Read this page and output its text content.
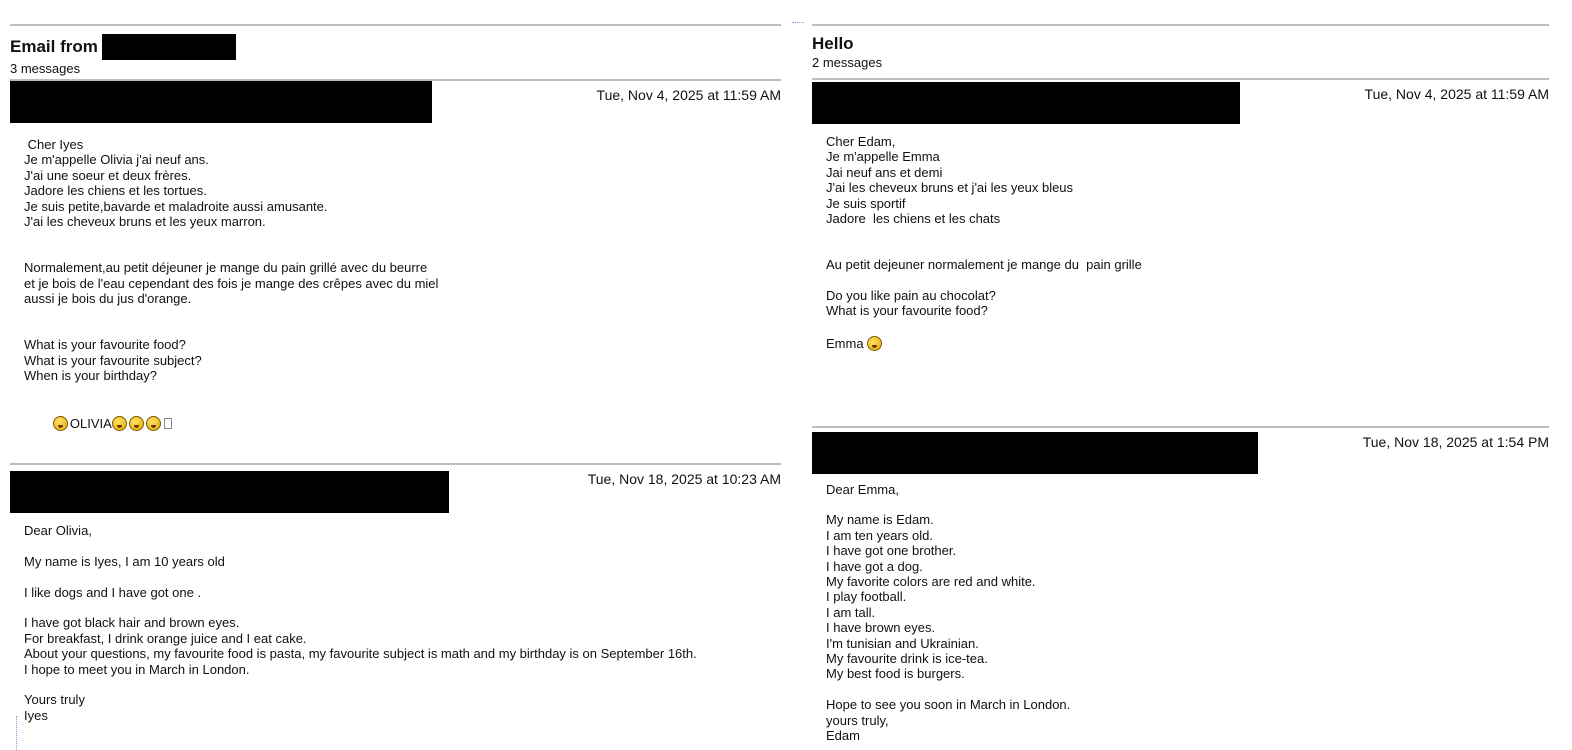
Email from
3 messages
Tue, Nov 4, 2025 at 11:59 AM
Cher Iyes
Je m'appelle Olivia j'ai neuf ans.
J'ai une soeur et deux frères.
Jadore les chiens et les tortues.
Je suis petite,bavarde et maladroite aussi amusante.
J'ai les cheveux bruns et les yeux marron.
Normalement,au petit déjeuner je mange du pain grillé avec du beurre
et je bois de l'eau cependant des fois je mange des crêpes avec du miel
aussi je bois du jus d'orange.
What is your favourite food?
What is your favourite subject?
When is your birthday?

OLIVIA

Tue, Nov 18, 2025 at 10:23 AM
Dear Olivia,
My name is Iyes, I am 10 years old
I like dogs and I have got one .
I have got black hair and brown eyes.
For breakfast, I drink orange juice and I eat cake.
About your questions, my favourite food is pasta, my favourite subject is math and my birthday is on September 16th.
I hope to meet you in March in London.
Yours truly
Iyes
Hello
2 messages
Tue, Nov 4, 2025 at 11:59 AM
Cher Edam,
Je m'appelle Emma
Jai neuf ans et demi
J'ai les cheveux bruns et j'ai les yeux bleus
Je suis sportif
Jadore  les chiens et les chats
Au petit dejeuner normalement je mange du  pain grille
Do you like pain au chocolat?
What is your favourite food?
Emma
Tue, Nov 18, 2025 at 1:54 PM
Dear Emma,
My name is Edam.
I am ten years old.
I have got one brother.
I have got a dog.
My favorite colors are red and white.
I play football.
I am tall.
I have brown eyes.
I'm tunisian and Ukrainian.
My favourite drink is ice-tea.
My best food is burgers.
Hope to see you soon in March in London.
yours truly,
Edam
